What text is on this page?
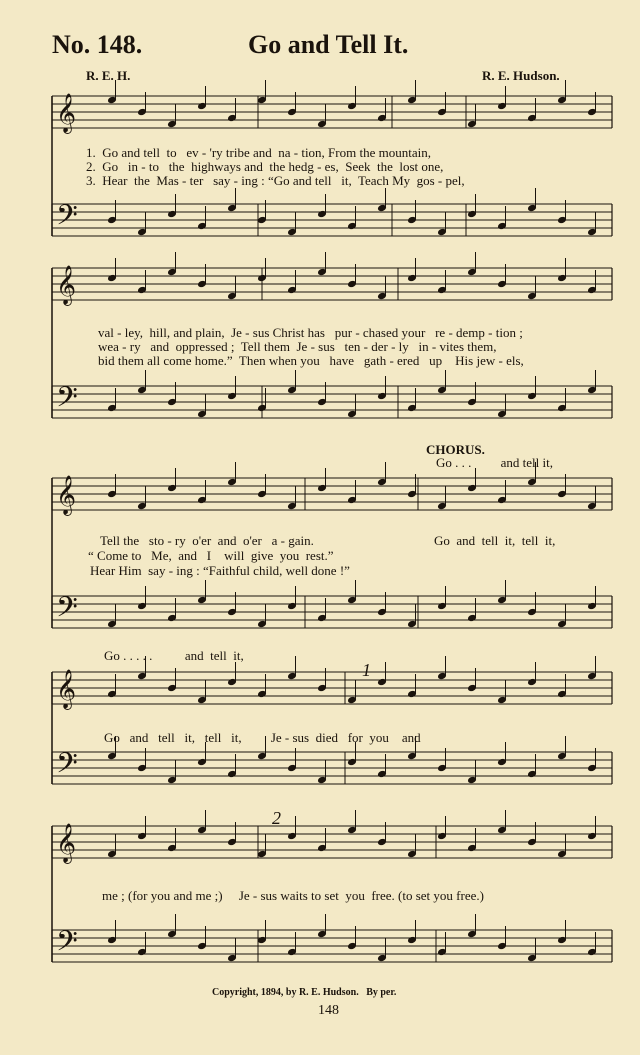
No. 148.	Go and Tell It.
R. E. H.	R. E. Hudson.
𝄞
𝄢
𝄞
𝄢
𝄞
𝄢
𝄞
𝄢
𝄞
𝄢
1.  Go and tell  to   ev - 'ry tribe and  na - tion, From the mountain,
2.  Go   in - to   the  highways and  the hedg - es,  Seek  the  lost one,
3.  Hear  the  Mas - ter   say - ing : “Go and tell   it,  Teach My  gos - pel,
val - ley,  hill, and plain,  Je - sus Christ has   pur - chased your   re - demp - tion ;
wea - ry   and  oppressed ;  Tell them  Je - sus   ten - der - ly   in - vites them,
bid them all come home.”  Then when you   have   gath - ered   up    His jew - els,
CHORUS.
Go . . .         and tell it,
Tell the   sto - ry  o'er  and  o'er   a - gain.
“ Come to   Me,  and   I    will  give  you  rest.”
Hear Him  say - ing : “Faithful child, well done !”
Go  and  tell  it,  tell  it,
Go . . . . .          and  tell  it,
1
Go   and   tell   it,   tell   it,         Je - sus  died   for  you    and
2
me ; (for you and me ;)     Je - sus waits to set  you  free. (to set you free.)
Copyright, 1894, by R. E. Hudson.   By per.
148
